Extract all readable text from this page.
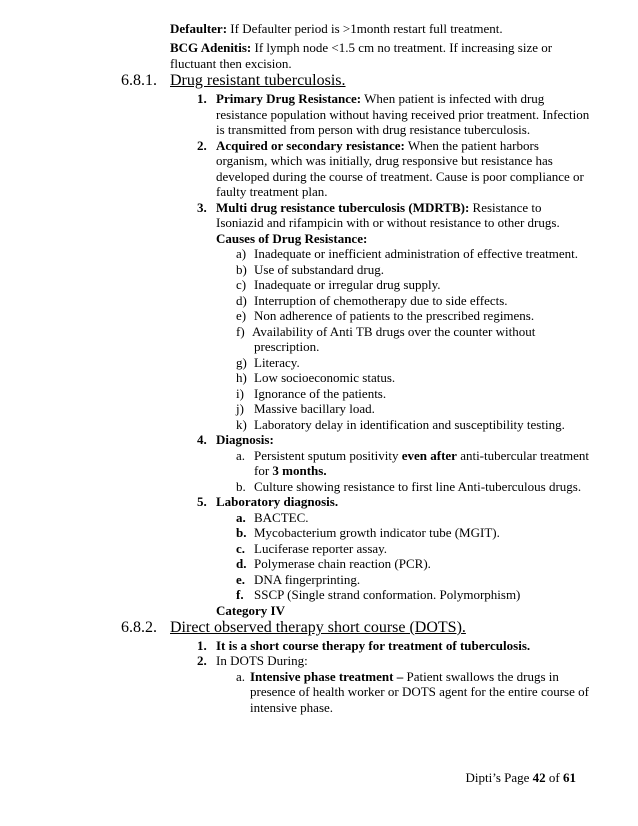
Defaulter: If Defaulter period is >1month restart full treatment.
BCG Adenitis: If lymph node <1.5 cm no treatment. If increasing size or
fluctuant then excision.
6.8.1. Drug resistant tuberculosis.
1. Primary Drug Resistance: When patient is infected with drug
resistance population without having received prior treatment. Infection
is transmitted from person with drug resistance tuberculosis.
2. Acquired or secondary resistance: When the patient harbors
organism, which was initially, drug responsive but resistance has
developed during the course of treatment. Cause is poor compliance or
faulty treatment plan.
3. Multi drug resistance tuberculosis (MDRTB): Resistance to
Isoniazid and rifampicin with or without resistance to other drugs.
Causes of Drug Resistance:
a) Inadequate or inefficient administration of effective treatment.
b) Use of substandard drug.
c) Inadequate or irregular drug supply.
d) Interruption of chemotherapy due to side effects.
e) Non adherence of patients to the prescribed regimens.
f) Availability of Anti TB drugs over the counter without
prescription.
g) Literacy.
h) Low socioeconomic status.
i) Ignorance of the patients.
j) Massive bacillary load.
k) Laboratory delay in identification and susceptibility testing.
4. Diagnosis:
a. Persistent sputum positivity even after anti-tubercular treatment
for 3 months.
b. Culture showing resistance to first line Anti-tuberculous drugs.
5. Laboratory diagnosis.
a. BACTEC.
b. Mycobacterium growth indicator tube (MGIT).
c. Luciferase reporter assay.
d. Polymerase chain reaction (PCR).
e. DNA fingerprinting.
f. SSCP (Single strand conformation. Polymorphism)
Category IV
6.8.2. Direct observed therapy short course (DOTS).
1. It is a short course therapy for treatment of tuberculosis.
2. In DOTS During:
a. Intensive phase treatment – Patient swallows the drugs in
presence of health worker or DOTS agent for the entire course of
intensive phase.
Dipti’s Page 42 of 61
